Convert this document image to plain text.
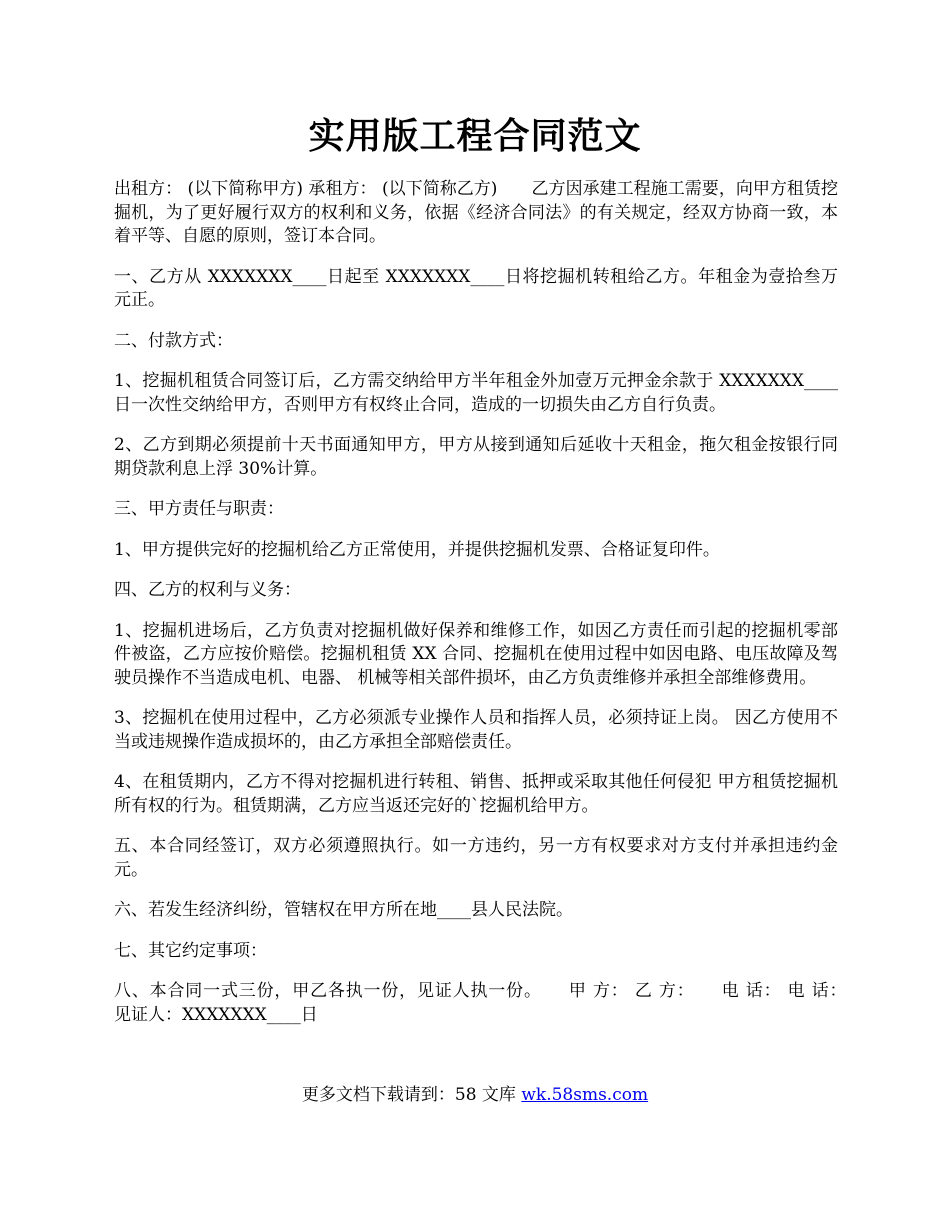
实用版工程合同范文

出租方： (以下简称甲方) 承租方： (以下简称乙方)　　乙方因承建工程施工需要，向甲方租赁挖掘机，为了更好履行双方的权利和义务，依据《经济合同法》的有关规定，经双方协商一致，本着平等、自愿的原则，签订本合同。

一、乙方从 XXXXXXX____日起至 XXXXXXX____日将挖掘机转租给乙方。年租金为壹拾叁万元正。

二、付款方式：

1、挖掘机租赁合同签订后，乙方需交纳给甲方半年租金外加壹万元押金余款于 XXXXXXX____日一次性交纳给甲方，否则甲方有权终止合同，造成的一切损失由乙方自行负责。

2、乙方到期必须提前十天书面通知甲方，甲方从接到通知后延收十天租金，拖欠租金按银行同期贷款利息上浮 30%计算。

三、甲方责任与职责：

1、甲方提供完好的挖掘机给乙方正常使用，并提供挖掘机发票、合格证复印件。

四、乙方的权利与义务：

1、挖掘机进场后，乙方负责对挖掘机做好保养和维修工作，如因乙方责任而引起的挖掘机零部件被盗，乙方应按价赔偿。挖掘机租赁 XX 合同、挖掘机在使用过程中如因电路、电压故障及驾驶员操作不当造成电机、电器、 机械等相关部件损坏，由乙方负责维修并承担全部维修费用。

3、挖掘机在使用过程中，乙方必须派专业操作人员和指挥人员，必须持证上岗。 因乙方使用不当或违规操作造成损坏的，由乙方承担全部赔偿责任。

4、在租赁期内，乙方不得对挖掘机进行转租、销售、抵押或采取其他任何侵犯 甲方租赁挖掘机所有权的行为。租赁期满，乙方应当返还完好的`挖掘机给甲方。

五、本合同经签订，双方必须遵照执行。如一方违约，另一方有权要求对方支付并承担违约金 元。

六、若发生经济纠纷，管辖权在甲方所在地____县人民法院。

七、其它约定事项：

八、本合同一式三份，甲乙各执一份，见证人执一份。　　甲 方： 乙 方：　　电 话： 电 话：　　见证人：XXXXXXX____日

更多文档下载请到：58 文库 wk.58sms.com
